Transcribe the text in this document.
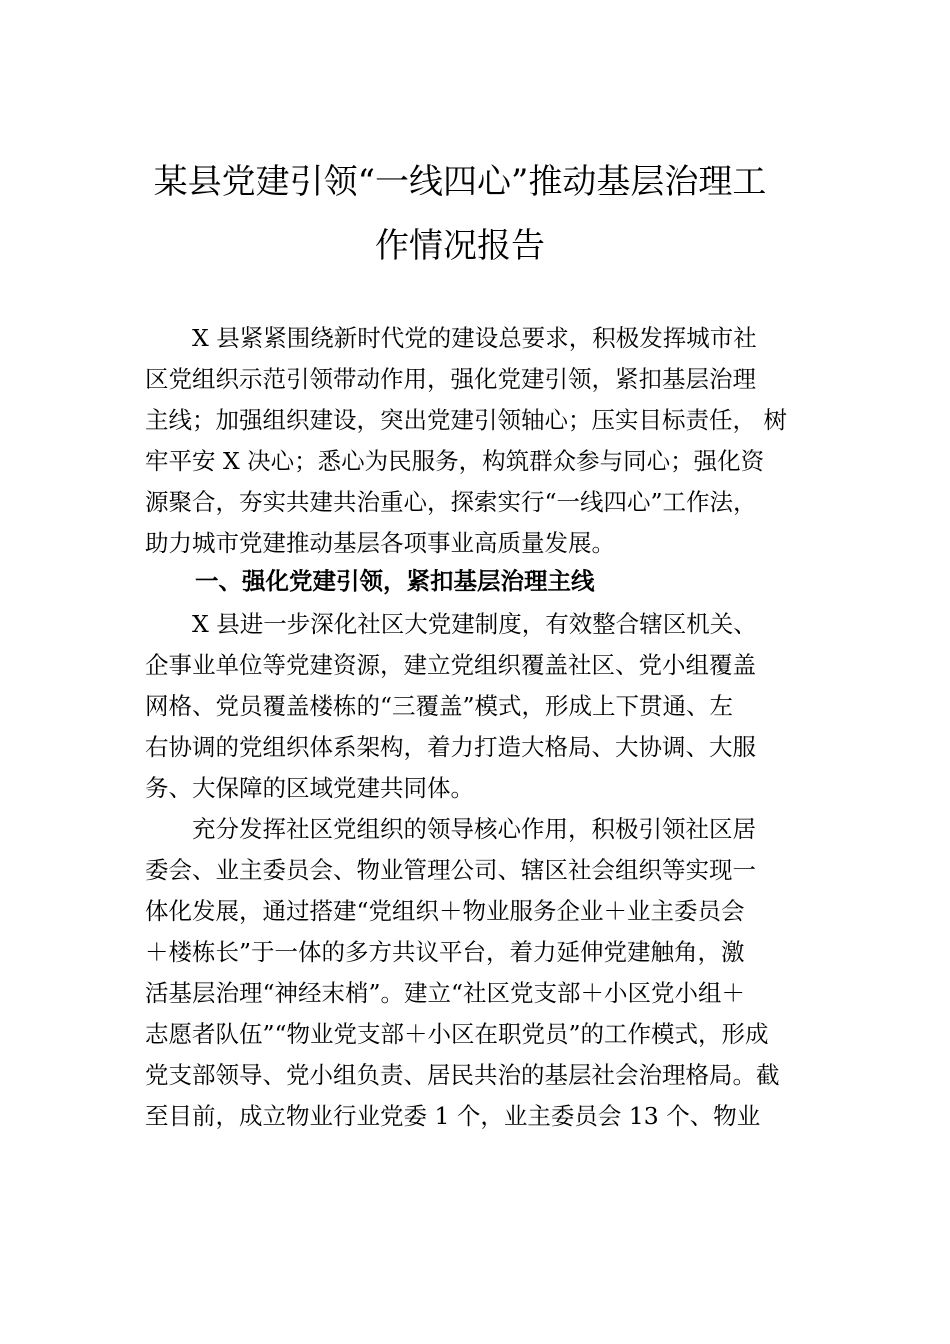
某县党建引领“一线四心”推动基层治理工
作情况报告
　　X 县紧紧围绕新时代党的建设总要求，积极发挥城市社
区党组织示范引领带动作用，强化党建引领，紧扣基层治理
主线；加强组织建设，突出党建引领轴心；压实目标责任， 树
牢平安 X 决心；悉心为民服务，构筑群众参与同心；强化资
源聚合，夯实共建共治重心，探索实行“一线四心”工作法，
助力城市党建推动基层各项事业高质量发展。
一、强化党建引领，紧扣基层治理主线
　　X 县进一步深化社区大党建制度，有效整合辖区机关、
企事业单位等党建资源，建立党组织覆盖社区、党小组覆盖
网格、党员覆盖楼栋的“三覆盖”模式，形成上下贯通、左
右协调的党组织体系架构，着力打造大格局、大协调、大服
务、大保障的区域党建共同体。
　　充分发挥社区党组织的领导核心作用，积极引领社区居
委会、业主委员会、物业管理公司、辖区社会组织等实现一
体化发展，通过搭建“党组织＋物业服务企业＋业主委员会
＋楼栋长”于一体的多方共议平台，着力延伸党建触角，激
活基层治理“神经末梢”。建立“社区党支部＋小区党小组＋
志愿者队伍”“物业党支部＋小区在职党员”的工作模式，形成
党支部领导、党小组负责、居民共治的基层社会治理格局。截
至目前，成立物业行业党委 1 个，业主委员会 13 个、物业
